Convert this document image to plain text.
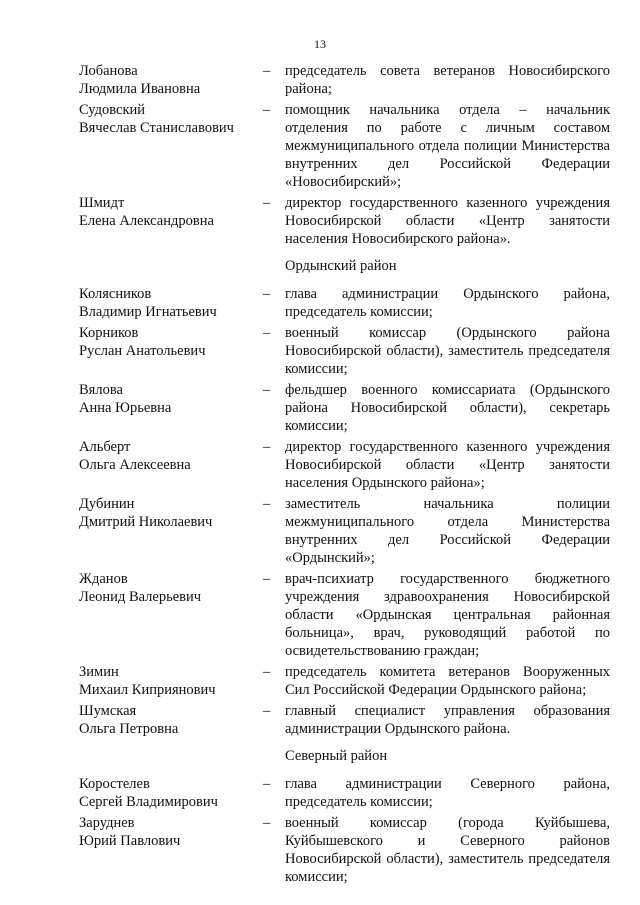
13
Лобанова
Людмила Ивановна
–	председатель совета ветеранов Новосибирского района;
Судовский
Вячеслав Станиславович
–	помощник начальника отдела – начальник отделения по работе с личным составом межмуниципального отдела полиции Министерства внутренних дел Российской Федерации «Новосибирский»;
Шмидт
Елена Александровна
–	директор государственного казенного учреждения Новосибирской области «Центр занятости населения Новосибирского района».
Ордынский район
Колясников
Владимир Игнатьевич
–	глава администрации Ордынского района, председатель комиссии;
Корников
Руслан Анатольевич
–	военный комиссар (Ордынского района Новосибирской области), заместитель председателя комиссии;
Вялова
Анна Юрьевна
–	фельдшер военного комиссариата (Ордынского района Новосибирской области), секретарь комиссии;
Альберт
Ольга Алексеевна
–	директор государственного казенного учреждения Новосибирской области «Центр занятости населения Ордынского района»;
Дубинин
Дмитрий Николаевич
–	заместитель начальника полиции межмуниципального отдела Министерства внутренних дел Российской Федерации «Ордынский»;
Жданов
Леонид Валерьевич
–	врач-психиатр государственного бюджетного учреждения здравоохранения Новосибирской области «Ордынская центральная районная больница», врач, руководящий работой по освидетельствованию граждан;
Зимин
Михаил Киприянович
–	председатель комитета ветеранов Вооруженных Сил Российской Федерации Ордынского района;
Шумская
Ольга Петровна
–	главный специалист управления образования администрации Ордынского района.
Северный район
Коростелев
Сергей Владимирович
–	глава администрации Северного района, председатель комиссии;
Заруднев
Юрий Павлович
–	военный комиссар (города Куйбышева, Куйбышевского и Северного районов Новосибирской области), заместитель председателя комиссии;
